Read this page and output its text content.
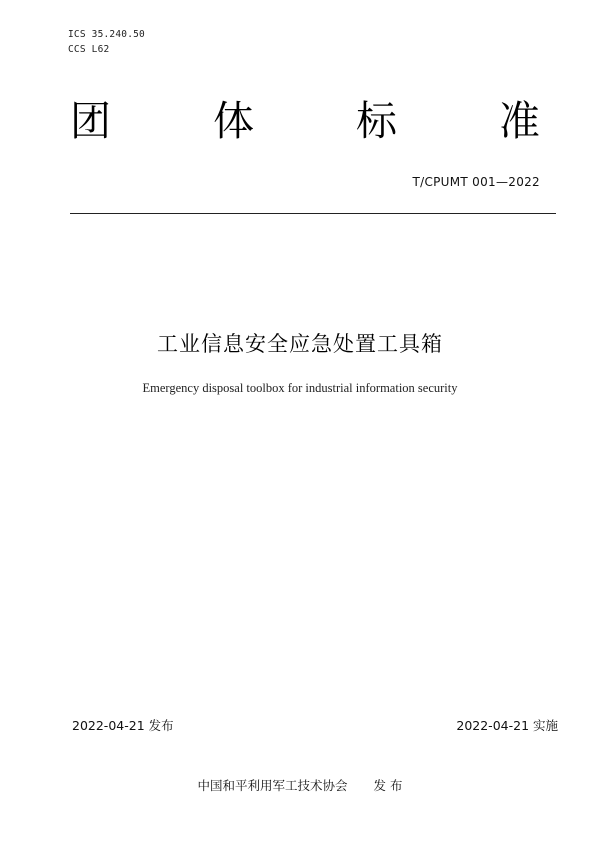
ICS 35.240.50
CCS L62
团 体 标 准
T/CPUMT 001—2022
工业信息安全应急处置工具箱
Emergency disposal toolbox for industrial information security
2022-04-21 发布	2022-04-21 实施
中国和平利用军工技术协会 发 布
